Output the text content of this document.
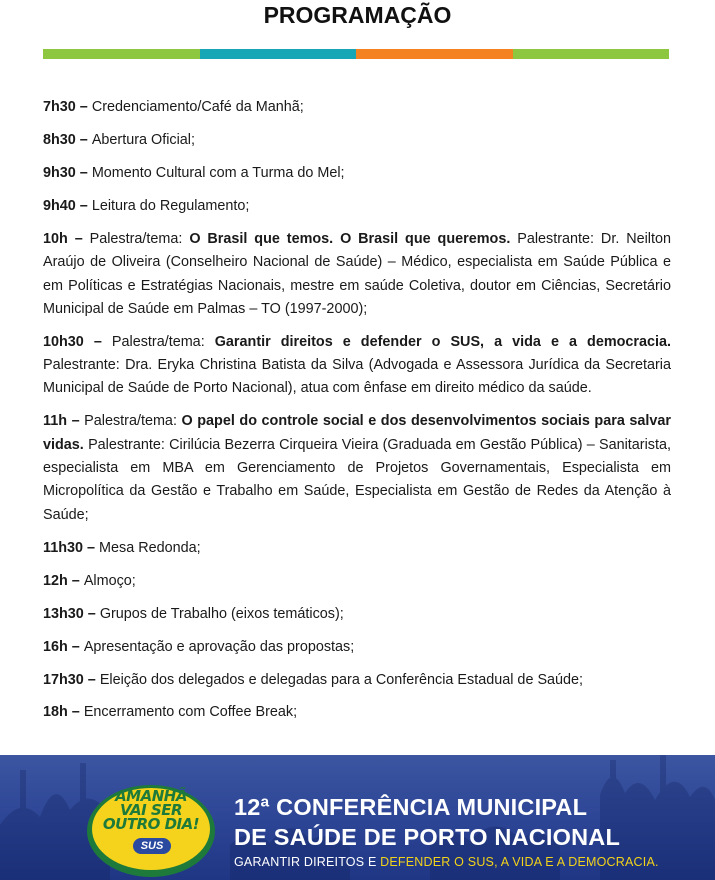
PROGRAMAÇÃO
7h30 – Credenciamento/Café da Manhã;
8h30 – Abertura Oficial;
9h30 – Momento Cultural com a Turma do Mel;
9h40 – Leitura do Regulamento;
10h – Palestra/tema: O Brasil que temos. O Brasil que queremos. Palestrante: Dr. Neilton Araújo de Oliveira (Conselheiro Nacional de Saúde) – Médico, especialista em Saúde Pública e em Políticas e Estratégias Nacionais, mestre em saúde Coletiva, doutor em Ciências, Secretário Municipal de Saúde em Palmas – TO (1997-2000);
10h30 – Palestra/tema: Garantir direitos e defender o SUS, a vida e a democracia. Palestrante: Dra. Eryka Christina Batista da Silva (Advogada e Assessora Jurídica da Secretaria Municipal de Saúde de Porto Nacional), atua com ênfase em direito médico da saúde.
11h – Palestra/tema: O papel do controle social e dos desenvolvimentos sociais para salvar vidas. Palestrante: Cirilúcia Bezerra Cirqueira Vieira (Graduada em Gestão Pública) – Sanitarista, especialista em MBA em Gerenciamento de Projetos Governamentais, Especialista em Micropolítica da Gestão e Trabalho em Saúde, Especialista em Gestão de Redes da Atenção à Saúde;
11h30 – Mesa Redonda;
12h – Almoço;
13h30 – Grupos de Trabalho (eixos temáticos);
16h – Apresentação e aprovação das propostas;
17h30 – Eleição dos delegados e delegadas para a Conferência Estadual de Saúde;
18h – Encerramento com Coffee Break;
AMANHÃ
VAI SER
OUTRO DIA!
SUS
12ª CONFERÊNCIA MUNICIPAL
DE SAÚDE DE PORTO NACIONAL
GARANTIR DIREITOS E DEFENDER O SUS, A VIDA E A DEMOCRACIA.
